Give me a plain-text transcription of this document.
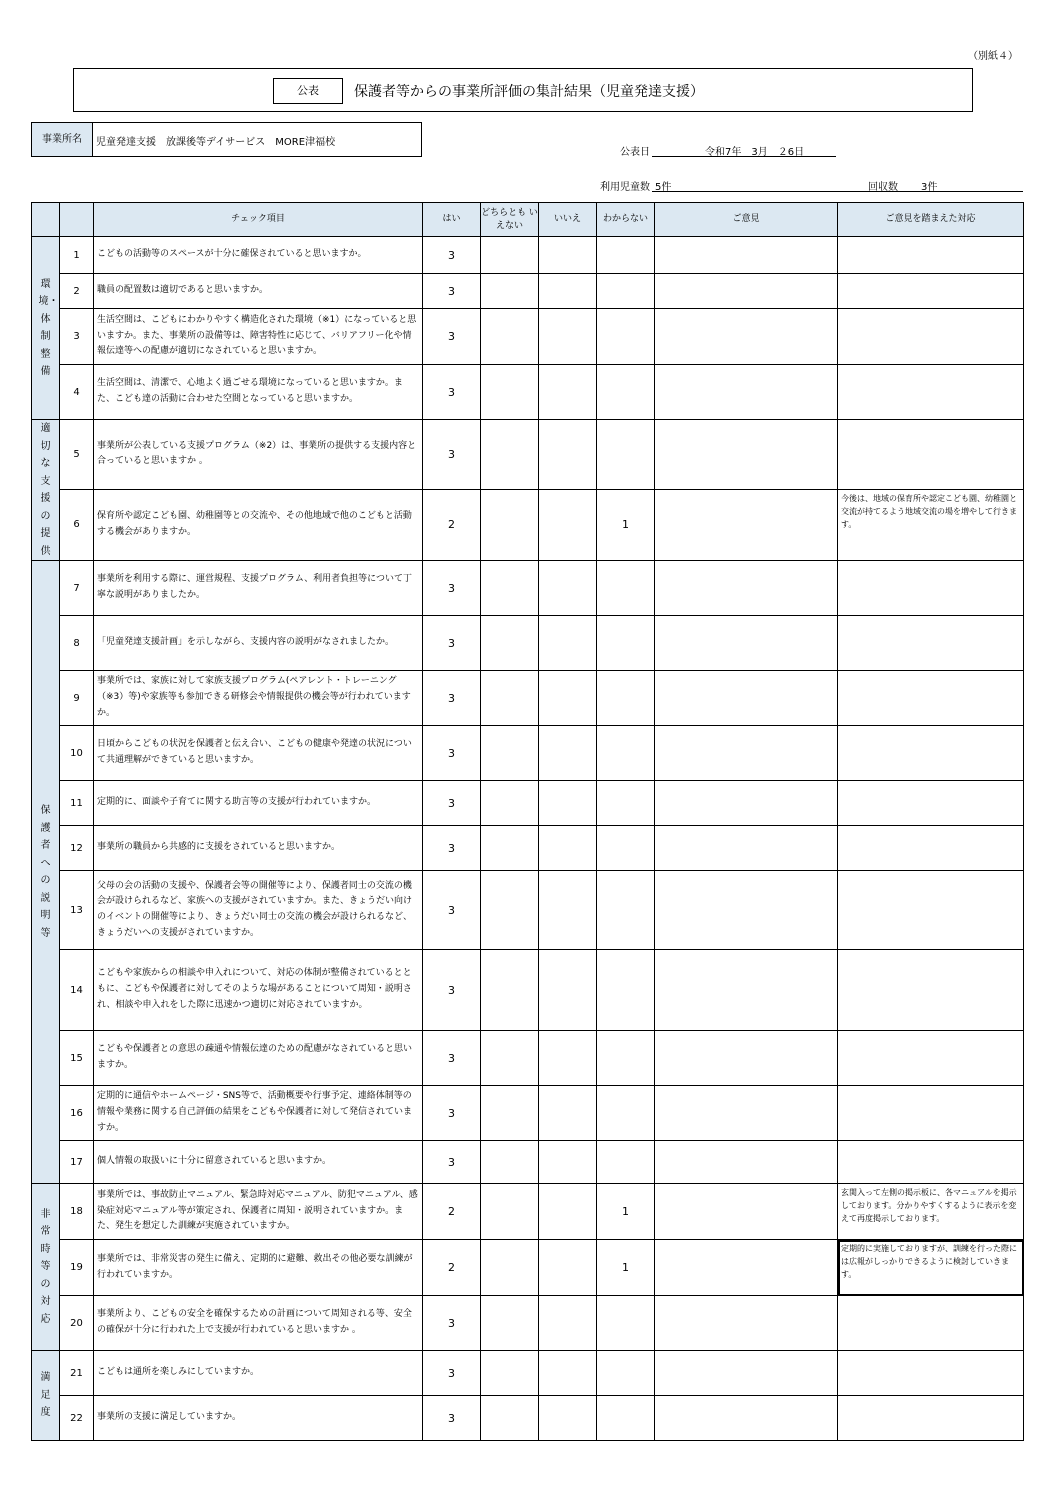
（別紙４）
公表	保護者等からの事業所評価の集計結果（児童発達支援）
事業所名	児童発達支援　放課後等デイサービス　MORE津福校
公表日	令和7年　3月　２6日
利用児童数 5件	回収数 3件
		チェック項目	はい	どちらとも いえない	いいえ	わからない	ご意見	ご意見を踏まえた対応
環境・体制整備	1	こどもの活動等のスペースが十分に確保されていると思いますか。	3					
	2	職員の配置数は適切であると思いますか。	3					
	3	生活空間は、こどもにわかりやすく構造化された環境（※1）になっていると思いますか。また、事業所の設備等は、障害特性に応じて、バリアフリー化や情報伝達等への配慮が適切になされていると思いますか。	3					
	4	生活空間は、清潔で、心地よく過ごせる環境になっていると思いますか。また、こども達の活動に合わせた空間となっていると思いますか。	3					
適切な支援の提供	5	事業所が公表している支援プログラム（※2）は、事業所の提供する支援内容と合っていると思いますか 。	3					
	6	保育所や認定こども園、幼稚園等との交流や、その他地域で他のこどもと活動する機会がありますか。	2			1		今後は、地域の保育所や認定こども園、幼稚園と交流が持てるよう地域交流の場を増やして行きます。
保護者への説明等	7	事業所を利用する際に、運営規程、支援プログラム、利用者負担等について丁寧な説明がありましたか。	3					
	8	「児童発達支援計画」を示しながら、支援内容の説明がなされましたか。	3					
	9	事業所では、家族に対して家族支援プログラム(ペアレント・トレーニング（※3）等)や家族等も参加できる研修会や情報提供の機会等が行われていますか。	3					
	10	日頃からこどもの状況を保護者と伝え合い、こどもの健康や発達の状況について共通理解ができていると思いますか。	3					
	11	定期的に、面談や子育てに関する助言等の支援が行われていますか。	3					
	12	事業所の職員から共感的に支援をされていると思いますか。	3					
	13	父母の会の活動の支援や、保護者会等の開催等により、保護者同士の交流の機会が設けられるなど、家族への支援がされていますか。また、きょうだい向けのイベントの開催等により、きょうだい同士の交流の機会が設けられるなど、きょうだいへの支援がされていますか。	3					
	14	こどもや家族からの相談や申入れについて、対応の体制が整備されているとともに、こどもや保護者に対してそのような場があることについて周知・説明され、相談や申入れをした際に迅速かつ適切に対応されていますか。	3					
	15	こどもや保護者との意思の疎通や情報伝達のための配慮がなされていると思いますか。	3					
	16	定期的に通信やホームページ・SNS等で、活動概要や行事予定、連絡体制等の情報や業務に関する自己評価の結果をこどもや保護者に対して発信されていますか。	3					
	17	個人情報の取扱いに十分に留意されていると思いますか。	3					
非常時等の対応	18	事業所では、事故防止マニュアル、緊急時対応マニュアル、防犯マニュアル、感染症対応マニュアル等が策定され、保護者に周知・説明されていますか。また、発生を想定した訓練が実施されていますか。	2			1		玄関入って左側の掲示板に、各マニュアルを掲示しております。分かりやすくするように表示を変えて再度掲示しております。
	19	事業所では、非常災害の発生に備え、定期的に避難、救出その他必要な訓練が行われていますか。	2			1		定期的に実施しておりますが、訓練を行った際には広報がしっかりできるように検討していきます。
	20	事業所より、こどもの安全を確保するための計画について周知される等、安全の確保が十分に行われた上で支援が行われていると思いますか 。	3					
満足度	21	こどもは通所を楽しみにしていますか。	3					
	22	事業所の支援に満足していますか。	3					
